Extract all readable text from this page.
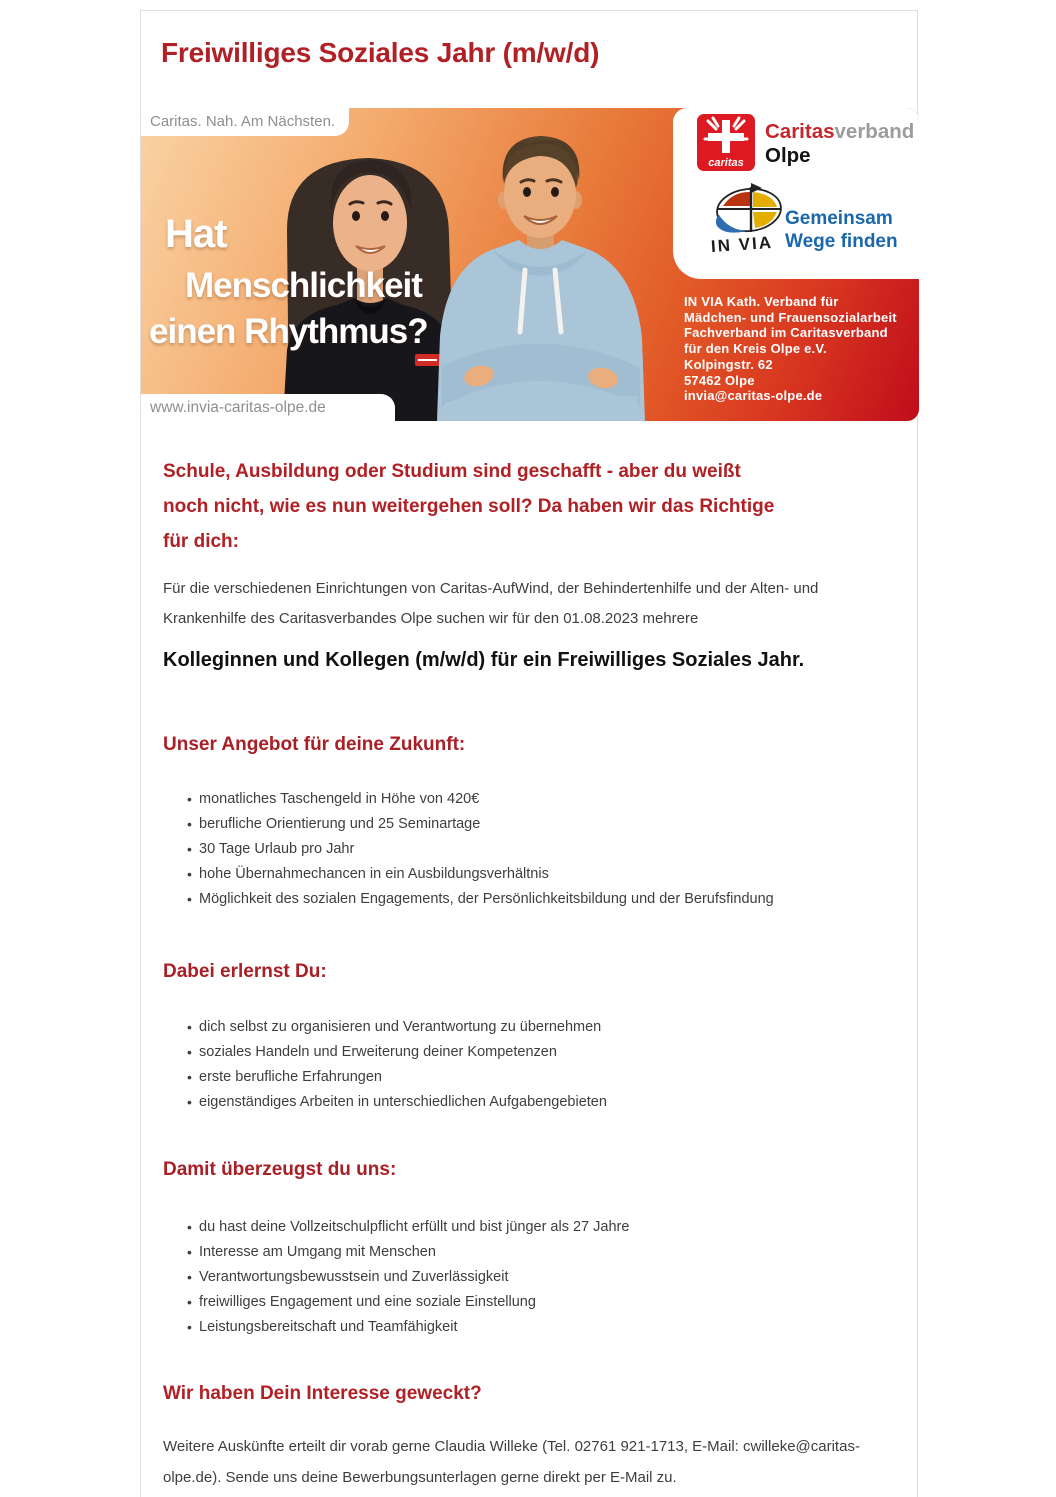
Freiwilliges Soziales Jahr (m/w/d)
Caritas. Nah. Am Nächsten.
Hat
Menschlichkeit
einen Rhythmus?
www.invia-caritas-olpe.de
caritas
Caritasverband
Olpe
IN VIA
Gemeinsam
Wege finden
IN VIA Kath. Verband für
Mädchen- und Frauensozialarbeit
Fachverband im Caritasverband
für den Kreis Olpe e.V.
Kolpingstr. 62
57462 Olpe
invia@caritas-olpe.de
Schule, Ausbildung oder Studium sind geschafft - aber du weißt
noch nicht, wie es nun weitergehen soll? Da haben wir das Richtige
für dich:
Für die verschiedenen Einrichtungen von Caritas-AufWind, der Behindertenhilfe und der Alten- und
Krankenhilfe des Caritasverbandes Olpe suchen wir für den 01.08.2023 mehrere
Kolleginnen und Kollegen (m/w/d) für ein Freiwilliges Soziales Jahr.
Unser Angebot für deine Zukunft:
• monatliches Taschengeld in Höhe von 420€
• berufliche Orientierung und 25 Seminartage
• 30 Tage Urlaub pro Jahr
• hohe Übernahmechancen in ein Ausbildungsverhältnis
• Möglichkeit des sozialen Engagements, der Persönlichkeitsbildung und der Berufsfindung
Dabei erlernst Du:
• dich selbst zu organisieren und Verantwortung zu übernehmen
• soziales Handeln und Erweiterung deiner Kompetenzen
• erste berufliche Erfahrungen
• eigenständiges Arbeiten in unterschiedlichen Aufgabengebieten
Damit überzeugst du uns:
• du hast deine Vollzeitschulpflicht erfüllt und bist jünger als 27 Jahre
• Interesse am Umgang mit Menschen
• Verantwortungsbewusstsein und Zuverlässigkeit
• freiwilliges Engagement und eine soziale Einstellung
• Leistungsbereitschaft und Teamfähigkeit
Wir haben Dein Interesse geweckt?
Weitere Auskünfte erteilt dir vorab gerne Claudia Willeke (Tel. 02761 921-1713, E-Mail: cwilleke@caritas-
olpe.de). Sende uns deine Bewerbungsunterlagen gerne direkt per E-Mail zu.
